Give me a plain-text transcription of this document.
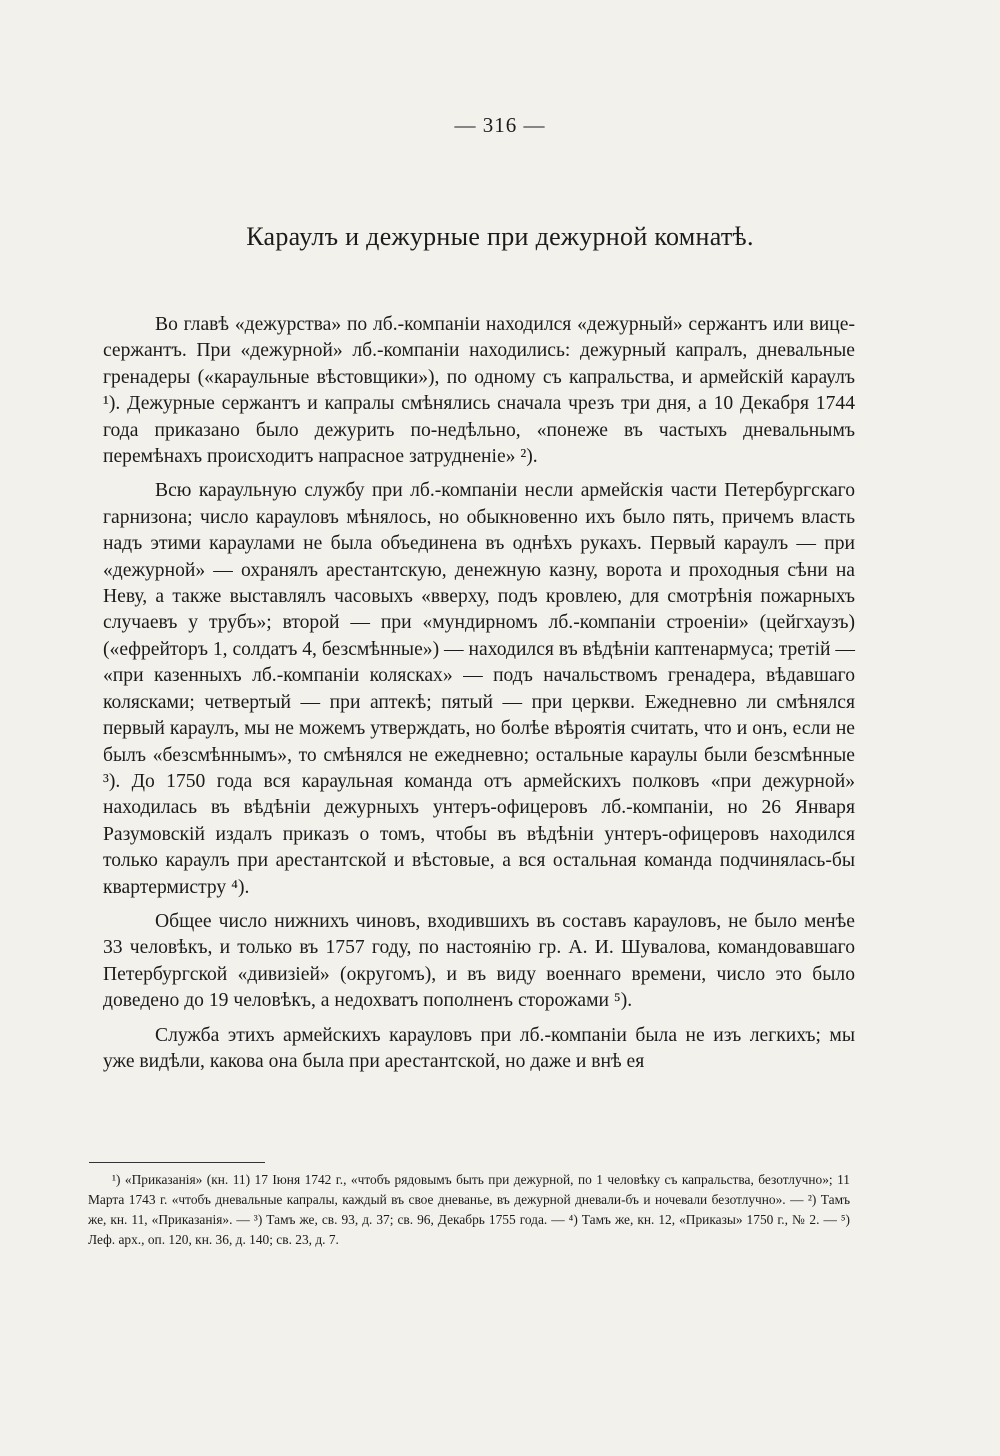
— 316 —
Караулъ и дежурные при дежурной комнатѣ.

Во главѣ «дежурства» по лб.-компаніи находился «дежурный» сержантъ или вице-сержантъ. При «дежурной» лб.-компаніи находились: дежурный капралъ, дневальные гренадеры («караульные вѣстовщики»), по одному съ капральства, и армейскій караулъ ¹). Дежурные сержантъ и капралы смѣнялись сначала чрезъ три дня, а 10 Декабря 1744 года приказано было дежурить по-недѣльно, «понеже въ частыхъ дневальнымъ перемѣнахъ происходитъ напрасное затрудненіе» ²).

Всю караульную службу при лб.-компаніи несли армейскія части Петербургскаго гарнизона; число карауловъ мѣнялось, но обыкновенно ихъ было пять, причемъ власть надъ этими караулами не была объединена въ однѣхъ рукахъ. Первый караулъ — при «дежурной» — охранялъ арестантскую, денежную казну, ворота и проходныя сѣни на Неву, а также выставлялъ часовыхъ «вверху, подъ кровлею, для смотрѣнія пожарныхъ случаевъ у трубъ»; второй — при «мундирномъ лб.-компаніи строеніи» (цейгхаузъ) («ефрейторъ 1, солдатъ 4, безсмѣнные») — находился въ вѣдѣніи каптенармуса; третій — «при казенныхъ лб.-компаніи колясках» — подъ начальствомъ гренадера, вѣдавшаго колясками; четвертый — при аптекѣ; пятый — при церкви. Ежедневно ли смѣнялся первый караулъ, мы не можемъ утверждать, но болѣе вѣроятія считать, что и онъ, если не былъ «безсмѣннымъ», то смѣнялся не ежедневно; остальные караулы были безсмѣнные ³). До 1750 года вся караульная команда отъ армейскихъ полковъ «при дежурной» находилась въ вѣдѣніи дежурныхъ унтеръ-офицеровъ лб.-компаніи, но 26 Января Разумовскій издалъ приказъ о томъ, чтобы въ вѣдѣніи унтеръ-офицеровъ находился только караулъ при арестантской и вѣстовые, а вся остальная команда подчинялась-бы квартермистру ⁴).

Общее число нижнихъ чиновъ, входившихъ въ составъ карауловъ, не было менѣе 33 человѣкъ, и только въ 1757 году, по настоянію гр. А. И. Шувалова, командовавшаго Петербургской «дивизіей» (округомъ), и въ виду военнаго времени, число это было доведено до 19 человѣкъ, а недохватъ пополненъ сторожами ⁵).

Служба этихъ армейскихъ карауловъ при лб.-компаніи была не изъ легкихъ; мы уже видѣли, какова она была при арестантской, но даже и внѣ ея

¹) «Приказанія» (кн. 11) 17 Іюня 1742 г., «чтобъ рядовымъ быть при дежурной, по 1 человѣку съ капральства, безотлучно»; 11 Марта 1743 г. «чтобъ дневальные капралы, каждый въ свое дневанье, въ дежурной дневали-бъ и ночевали безотлучно». — ²) Тамъ же, кн. 11, «Приказанія». — ³) Тамъ же, св. 93, д. 37; св. 96, Декабрь 1755 года. — ⁴) Тамъ же, кн. 12, «Приказы» 1750 г., № 2. — ⁵) Леф. арх., оп. 120, кн. 36, д. 140; св. 23, д. 7.
